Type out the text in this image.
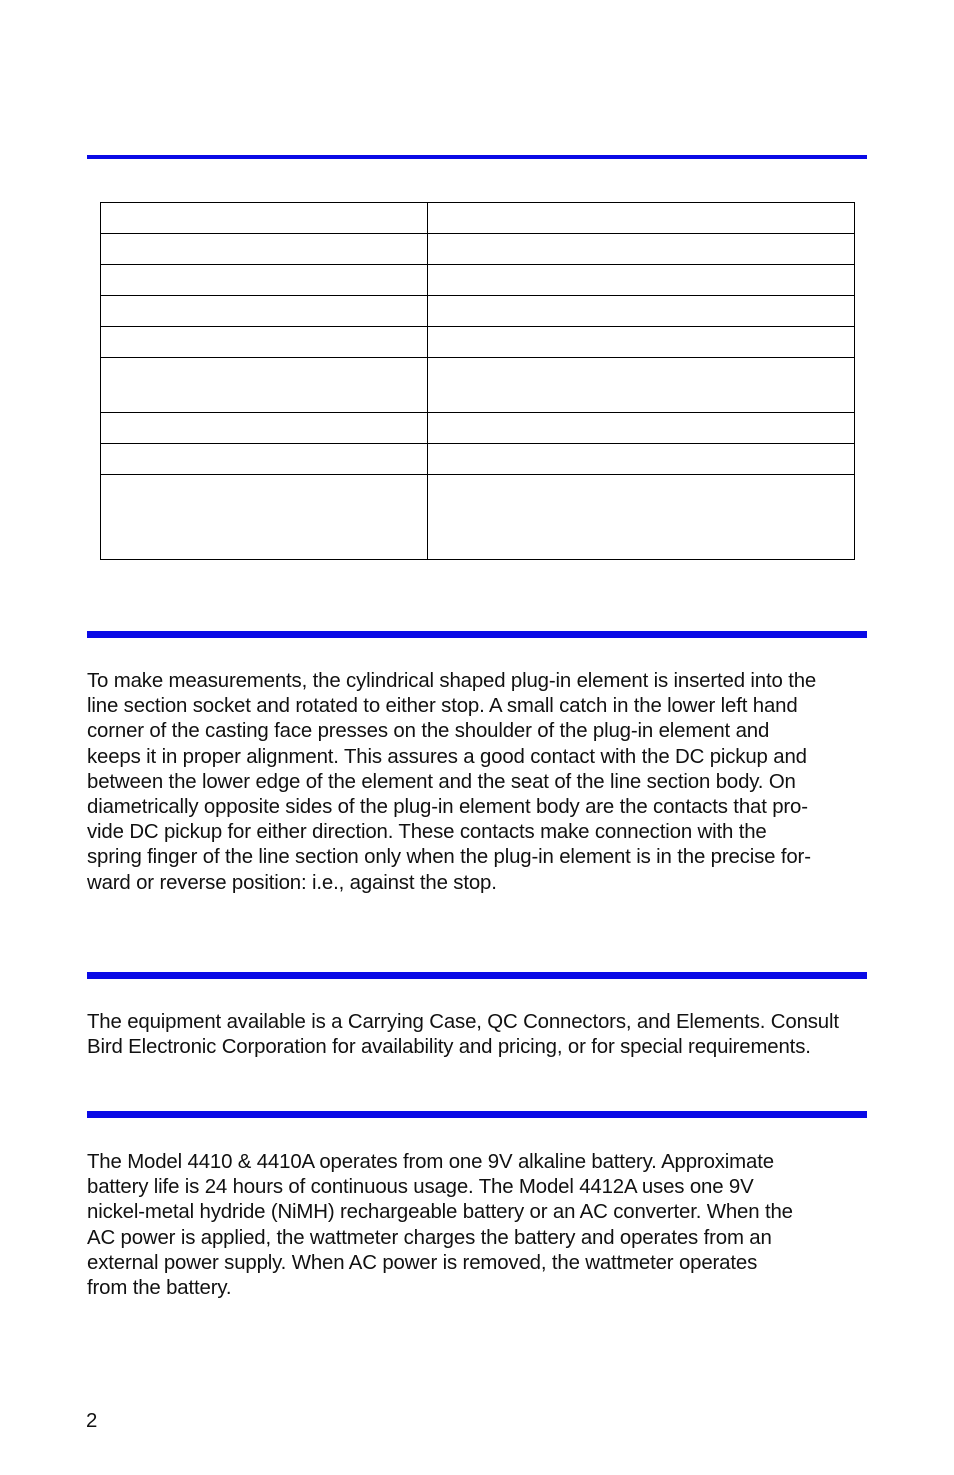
To make measurements, the cylindrical shaped plug-in element is inserted into the
line section socket and rotated to either stop. A small catch in the lower left hand
corner of the casting face presses on the shoulder of the plug-in element and
keeps it in proper alignment. This assures a good contact with the DC pickup and
between the lower edge of the element and the seat of the line section body. On
diametrically opposite sides of the plug-in element body are the contacts that pro-
vide DC pickup for either direction. These contacts make connection with the
spring finger of the line section only when the plug-in element is in the precise for-
ward or reverse position: i.e., against the stop.

The equipment available is a Carrying Case, QC Connectors, and Elements. Consult
Bird Electronic Corporation for availability and pricing, or for special requirements.

The Model 4410 & 4410A operates from one 9V alkaline battery. Approximate
battery life is 24 hours of continuous usage. The Model 4412A uses one 9V
nickel-metal hydride (NiMH) rechargeable battery or an AC converter. When the
AC power is applied, the wattmeter charges the battery and operates from an
external power supply. When AC power is removed, the wattmeter operates
from the battery.

2
